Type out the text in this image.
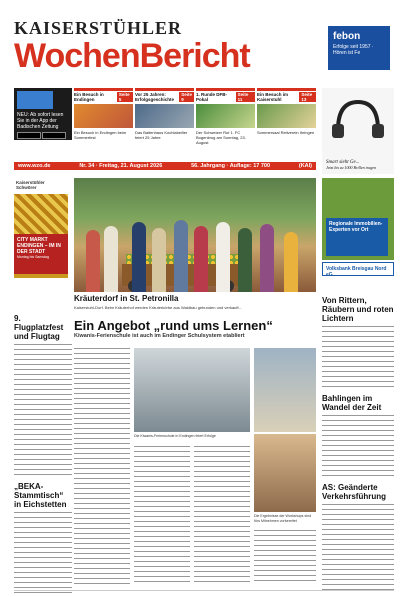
KAISERSTÜHLER
WochenBericht
febon
Erfolge seit 1957 · Hören ist Fe
NEU: Ab sofort lesen Sie in der App der Badischen Zeitung

Ein Besuch in Endingen
Seite 5
Ein Besuch in Endingen beim Sommerfest
Vor 25 Jahren: Erfolgsgeschichte
Seite 9
Das Baltenhaus Kochlabeilier feiert 25 Jahre
1. Runde DFB-Pokal
Seite 11
Der Schweizer Ruf 1. FC Bogenkrug am Sonntag, 23. August
Ein Besuch im Kaiserstuhl
Seite 13
Sommersaal Reitverein Ihringen
www.wzo.de	Nr. 34 · Freitag, 21. August 2026	56. Jahrgang · Auflage: 17 700	(KAI)
Smart sieht Ge...
Jetzt bis zu 1000 Brillen tragen
Regionale Immobilien-Experten vor Ort
Volksbank Breisgau Nord eG
Kaiserstühler Schwörer
CITY MARKT ENDINGEN – IM IN DER STADT
Montag bis Samstag
Kräuterdorf in St. Petronilla
Kaiserstuhl-Dorf. Beim Kräuterhof werden Kräuterkörbe aus Waldbau gebunden und verkauft...
9. Flugplatzfest und Flugtag
„BEKA-Stammtisch“ in Eichstetten
Von Rittern, Räubern und roten Lichtern
Bahlingen im Wandel der Zeit
AS: Geänderte Verkehrsführung
Ein Angebot „rund ums Lernen“
Kiwanis-Ferienschule ist auch im Endinger Schulsystem etabliert
Die Kiwanis-Ferienschule in Endingen feiert Erfolge
Die Ergebnisse der Workshops sind fürs Mitnehmen vorbereitet
